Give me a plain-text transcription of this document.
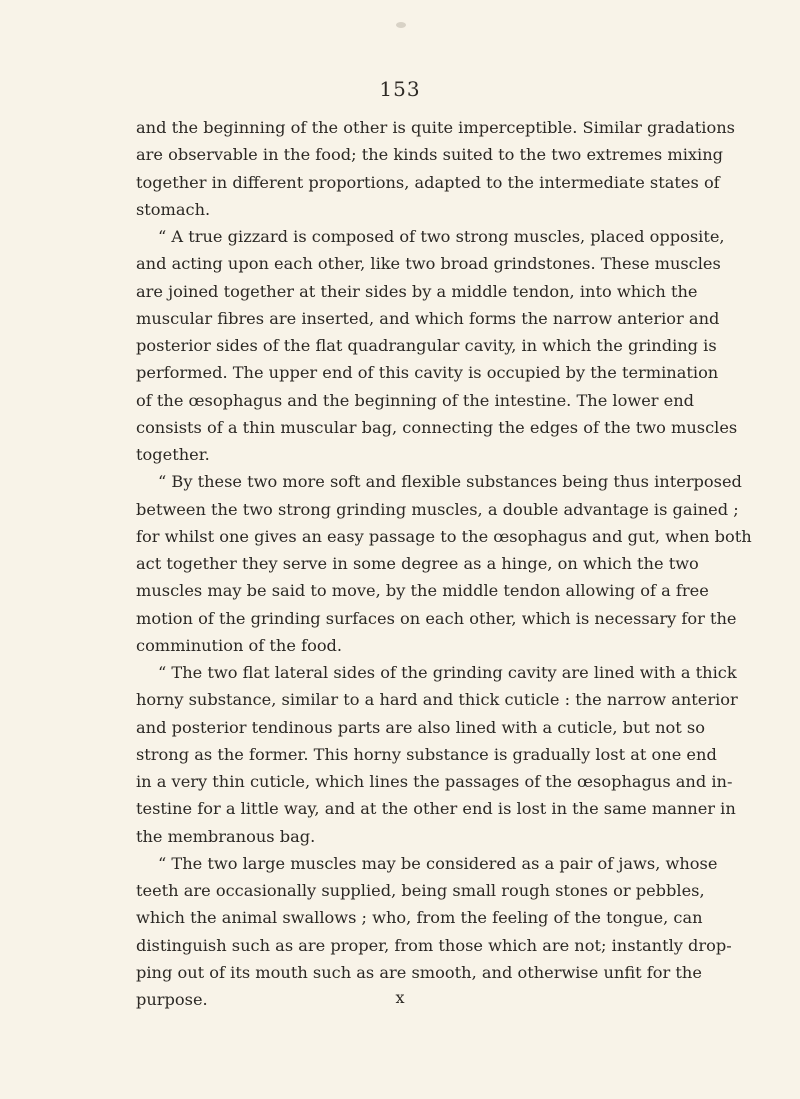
153
and the beginning of the other is quite imperceptible. Similar gradations
are observable in the food; the kinds suited to the two extremes mixing
together in different proportions, adapted to the intermediate states of
stomach.
“ A true gizzard is composed of two strong muscles, placed opposite,
and acting upon each other, like two broad grindstones. These muscles
are joined together at their sides by a middle tendon, into which the
muscular fibres are inserted, and which forms the narrow anterior and
posterior sides of the flat quadrangular cavity, in which the grinding is
performed. The upper end of this cavity is occupied by the termination
of the œsophagus and the beginning of the intestine. The lower end
consists of a thin muscular bag, connecting the edges of the two muscles
together.
“ By these two more soft and flexible substances being thus interposed
between the two strong grinding muscles, a double advantage is gained ;
for whilst one gives an easy passage to the œsophagus and gut, when both
act together they serve in some degree as a hinge, on which the two
muscles may be said to move, by the middle tendon allowing of a free
motion of the grinding surfaces on each other, which is necessary for the
comminution of the food.
“ The two flat lateral sides of the grinding cavity are lined with a thick
horny substance, similar to a hard and thick cuticle : the narrow anterior
and posterior tendinous parts are also lined with a cuticle, but not so
strong as the former. This horny substance is gradually lost at one end
in a very thin cuticle, which lines the passages of the œsophagus and in-
testine for a little way, and at the other end is lost in the same manner in
the membranous bag.
“ The two large muscles may be considered as a pair of jaws, whose
teeth are occasionally supplied, being small rough stones or pebbles,
which the animal swallows ; who, from the feeling of the tongue, can
distinguish such as are proper, from those which are not; instantly drop-
ping out of its mouth such as are smooth, and otherwise unfit for the
purpose.	x
